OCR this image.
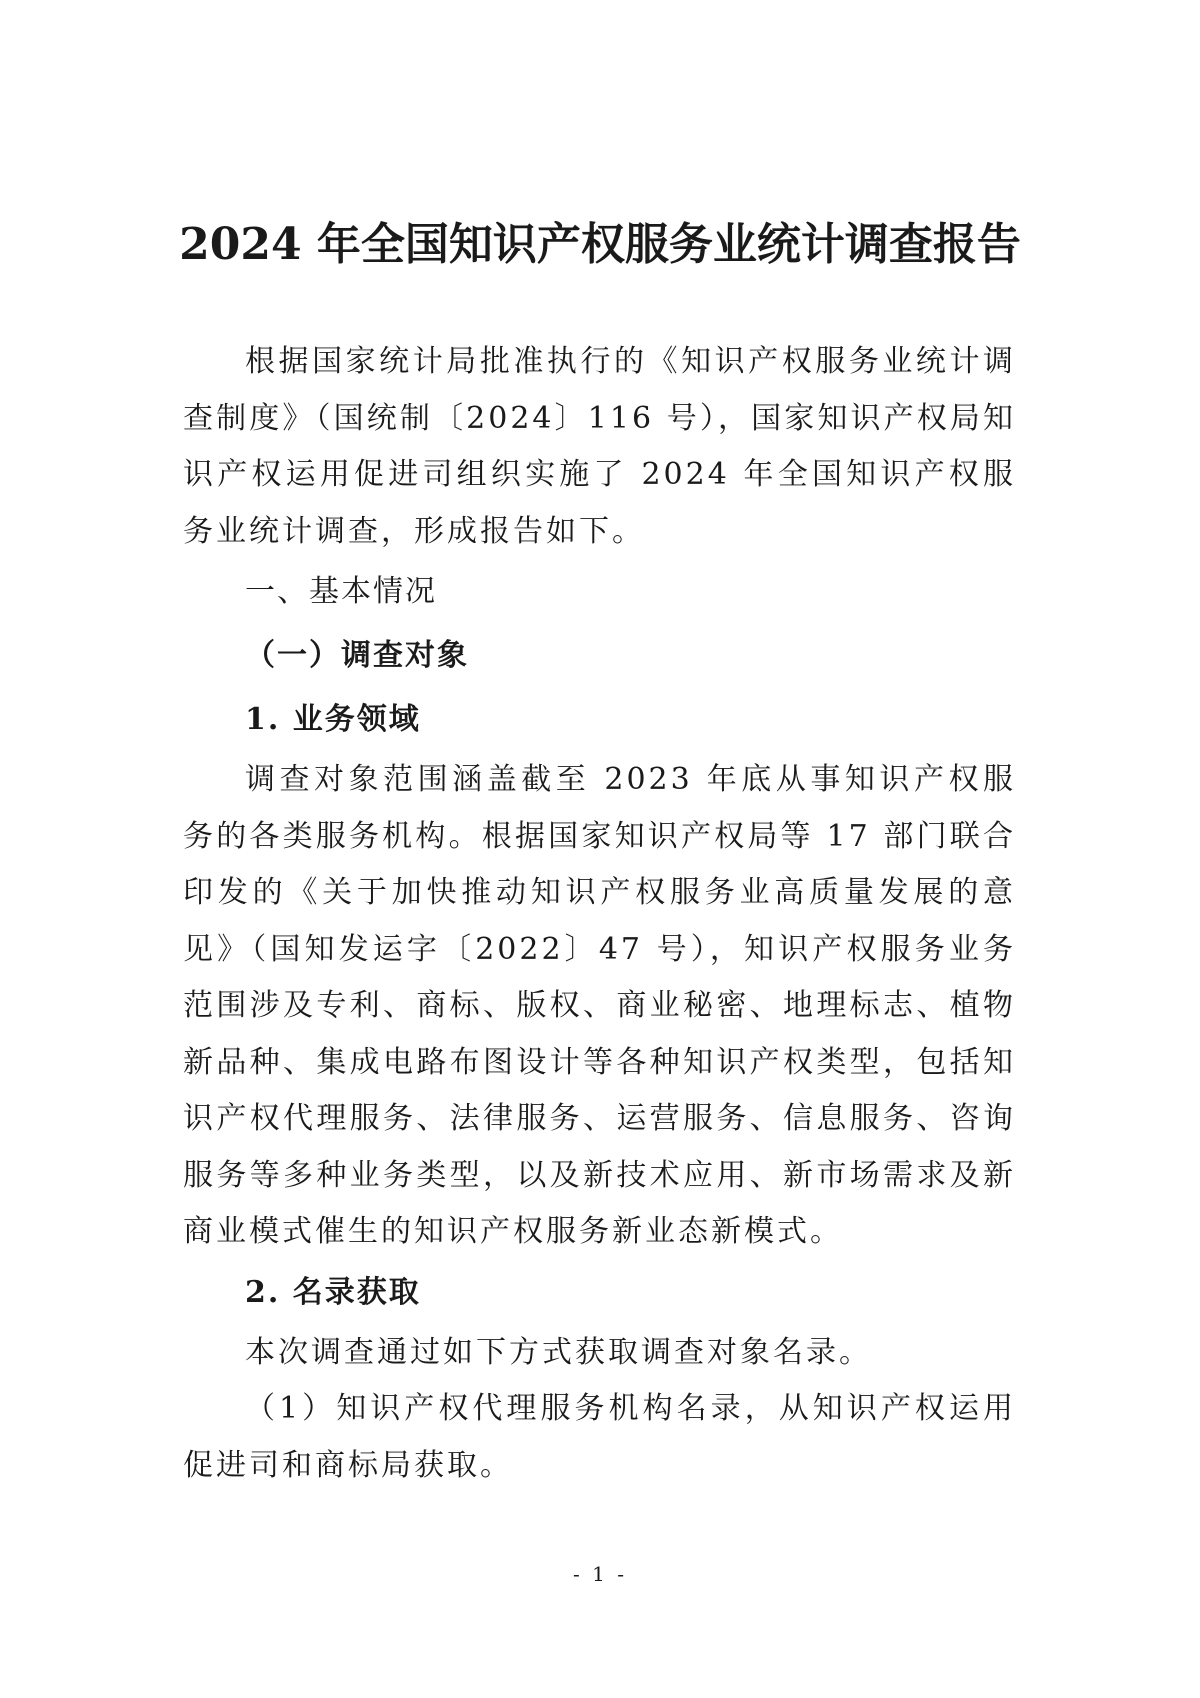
2024 年全国知识产权服务业统计调查报告

根据国家统计局批准执行的《知识产权服务业统计调查制度》（国统制〔2024〕116 号），国家知识产权局知识产权运用促进司组织实施了 2024 年全国知识产权服务业统计调查，形成报告如下。

一、基本情况

（一）调查对象

1. 业务领域

调查对象范围涵盖截至 2023 年底从事知识产权服务的各类服务机构。根据国家知识产权局等 17 部门联合印发的《关于加快推动知识产权服务业高质量发展的意见》（国知发运字〔2022〕47 号），知识产权服务业务范围涉及专利、商标、版权、商业秘密、地理标志、植物新品种、集成电路布图设计等各种知识产权类型，包括知识产权代理服务、法律服务、运营服务、信息服务、咨询服务等多种业务类型，以及新技术应用、新市场需求及新商业模式催生的知识产权服务新业态新模式。

2. 名录获取

本次调查通过如下方式获取调查对象名录。

（1）知识产权代理服务机构名录，从知识产权运用促进司和商标局获取。

- 1 -
